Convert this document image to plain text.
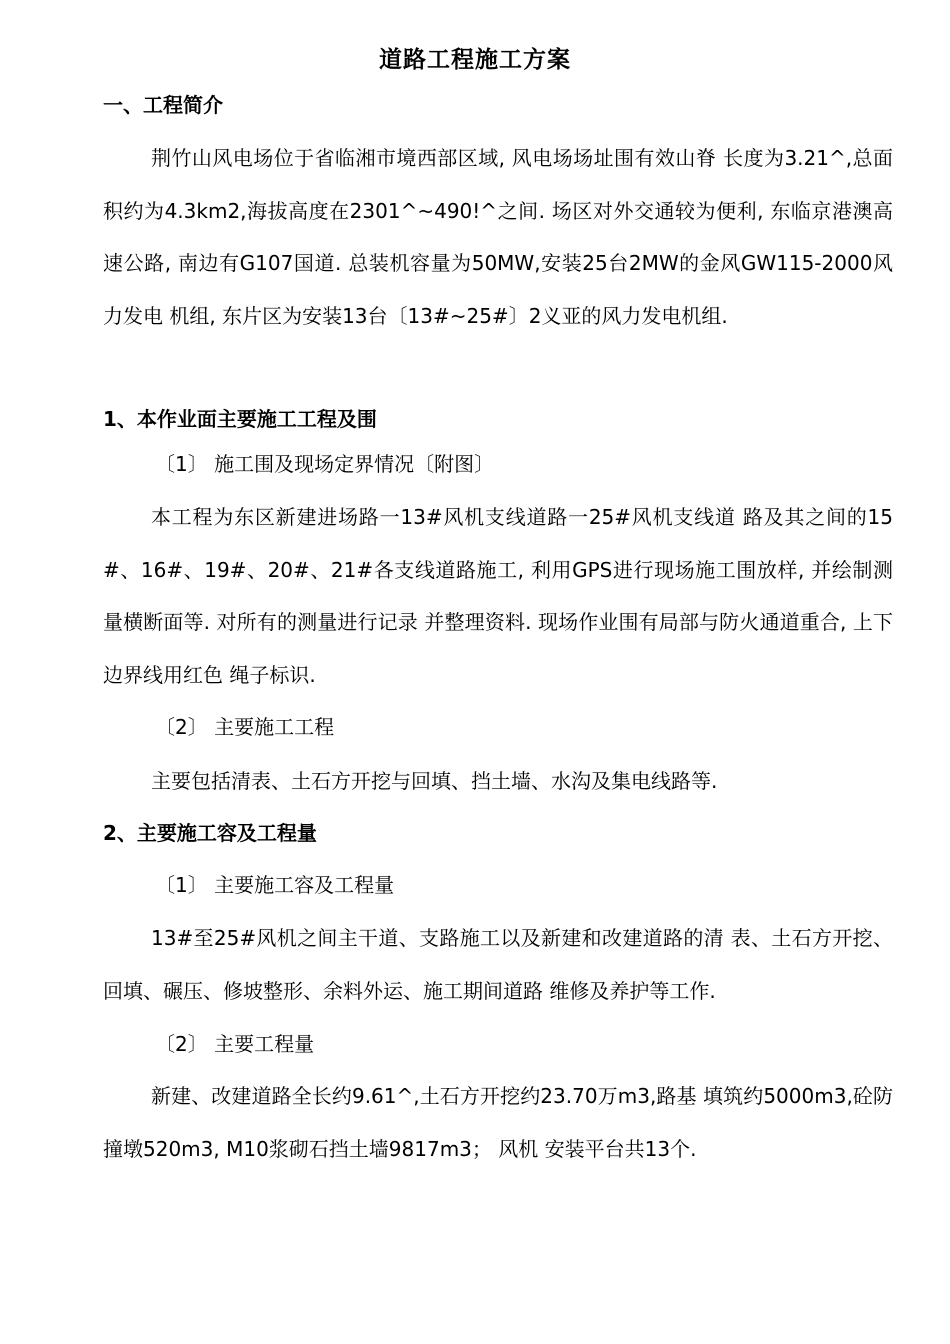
道路工程施工方案
一、工程简介
荆竹山风电场位于省临湘市境西部区域, 风电场场址围有效山脊 长度为3.21^,总面积约为4.3km2,海拔高度在2301^~490!^之间. 场区对外交通较为便利, 东临京港澳高速公路, 南边有G107国道. 总装机容量为50MW,安装25台2MW的金风GW115-2000风力发电 机组, 东片区为安装13台〔13#~25#〕2义亚的风力发电机组.
1、本作业面主要施工工程及围
〔1〕 施工围及现场定界情况〔附图〕
本工程为东区新建进场路一13#风机支线道路一25#风机支线道 路及其之间的15#、16#、19#、20#、21#各支线道路施工, 利用GPS进行现场施工围放样, 并绘制测量横断面等. 对所有的测量进行记录 并整理资料. 现场作业围有局部与防火通道重合, 上下边界线用红色 绳子标识.
〔2〕 主要施工工程
主要包括清表、土石方开挖与回填、挡土墙、水沟及集电线路等.
2、主要施工容及工程量
〔1〕 主要施工容及工程量
13#至25#风机之间主干道、支路施工以及新建和改建道路的清 表、土石方开挖、回填、碾压、修坡整形、余料外运、施工期间道路 维修及养护等工作.
〔2〕 主要工程量
新建、改建道路全长约9.61^,土石方开挖约23.70万m3,路基 填筑约5000m3,砼防撞墩520m3, M10浆砌石挡土墙9817m3； 风机 安装平台共13个.
